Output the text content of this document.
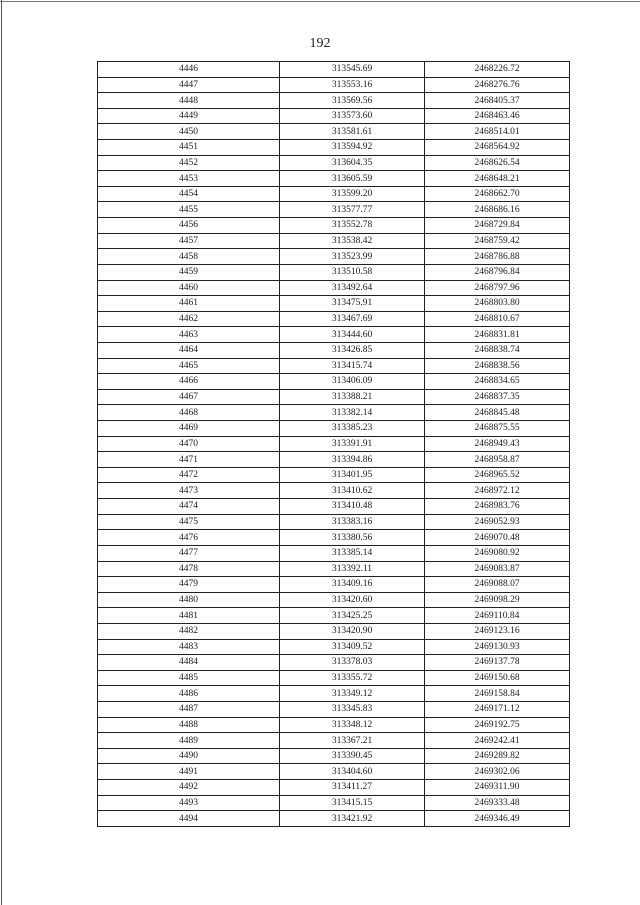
192
4446	313545.69	2468226.72
4447	313553.16	2468276.76
4448	313569.56	2468405.37
4449	313573.60	2468463.46
4450	313581.61	2468514.01
4451	313594.92	2468564.92
4452	313604.35	2468626.54
4453	313605.59	2468648.21
4454	313599.20	2468662.70
4455	313577.77	2468686.16
4456	313552.78	2468729.84
4457	313538.42	2468759.42
4458	313523.99	2468786.88
4459	313510.58	2468796.84
4460	313492.64	2468797.96
4461	313475.91	2468803.80
4462	313467.69	2468810.67
4463	313444.60	2468831.81
4464	313426.85	2468838.74
4465	313415.74	2468838.56
4466	313406.09	2468834.65
4467	313388.21	2468837.35
4468	313382.14	2468845.48
4469	313385.23	2468875.55
4470	313391.91	2468949.43
4471	313394.86	2468958.87
4472	313401.95	2468965.52
4473	313410.62	2468972.12
4474	313410.48	2468983.76
4475	313383.16	2469052.93
4476	313380.56	2469070.48
4477	313385.14	2469080.92
4478	313392.11	2469083.87
4479	313409.16	2469088.07
4480	313420.60	2469098.29
4481	313425.25	2469110.84
4482	313420.90	2469123.16
4483	313409.52	2469130.93
4484	313378.03	2469137.78
4485	313355.72	2469150.68
4486	313349.12	2469158.84
4487	313345.83	2469171.12
4488	313348.12	2469192.75
4489	313367.21	2469242.41
4490	313390.45	2469289.82
4491	313404.60	2469302.06
4492	313411.27	2469311.90
4493	313415.15	2469333.48
4494	313421.92	2469346.49
